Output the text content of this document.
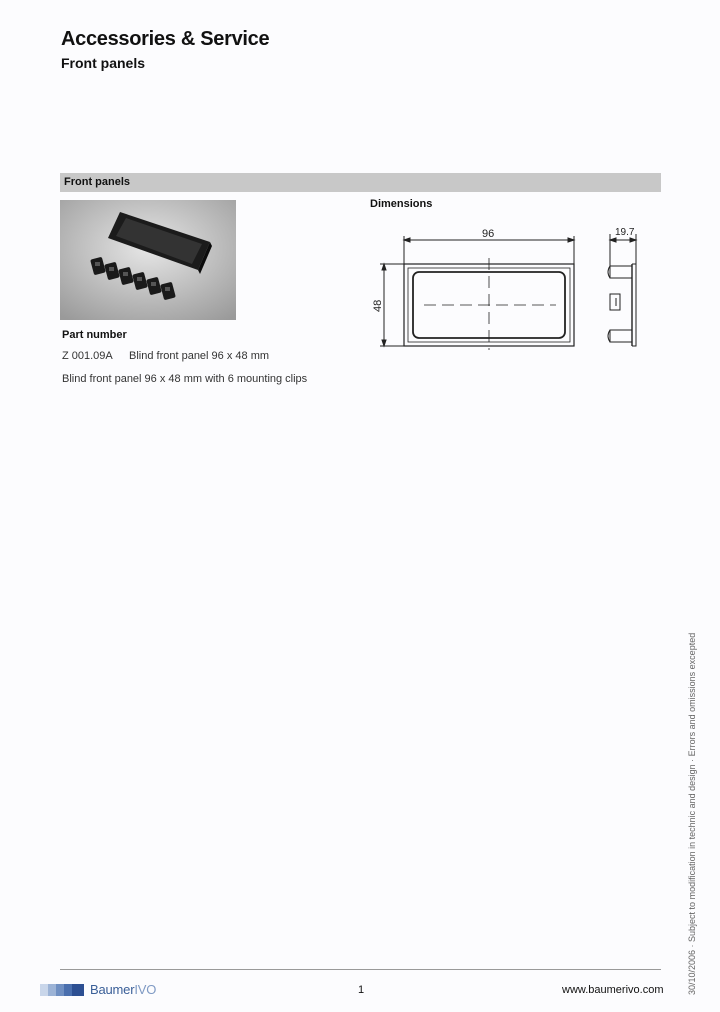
Accessories & Service
Front panels
Front panels
Part number
Z 001.09A Blind front panel 96 x 48 mm
Blind front panel 96 x 48 mm with 6 mounting clips
Dimensions
96
48
19.7
30/10/2006 · Subject to modification in technic and design · Errors and omissions excepted
BaumerIVO	1	www.baumerivo.com
